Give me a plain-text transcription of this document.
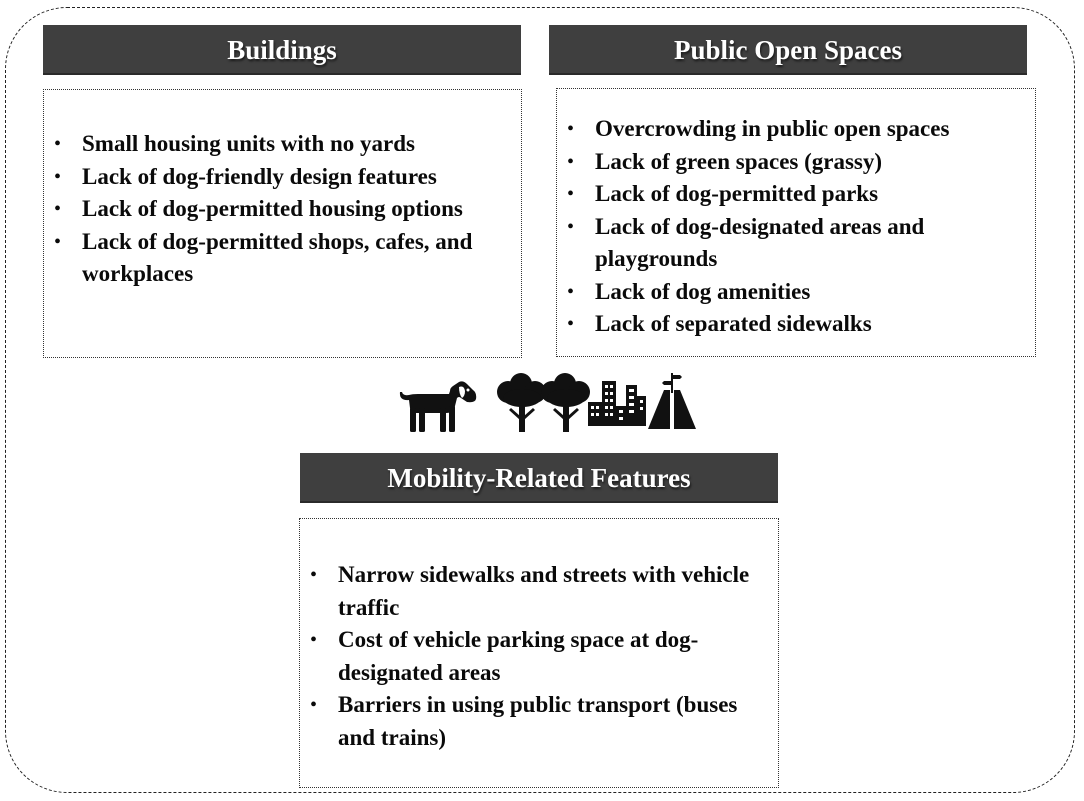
Buildings
• Small housing units with no yards
• Lack of dog-friendly design features
• Lack of dog-permitted housing options
• Lack of dog-permitted shops, cafes, and workplaces
Public Open Spaces
• Overcrowding in public open spaces
• Lack of green spaces (grassy)
• Lack of dog-permitted parks
• Lack of dog-designated areas and playgrounds
• Lack of dog amenities
• Lack of separated sidewalks
Mobility-Related Features
• Narrow sidewalks and streets with vehicle traffic
• Cost of vehicle parking space at dog-designated areas
• Barriers in using public transport (buses and trains)
